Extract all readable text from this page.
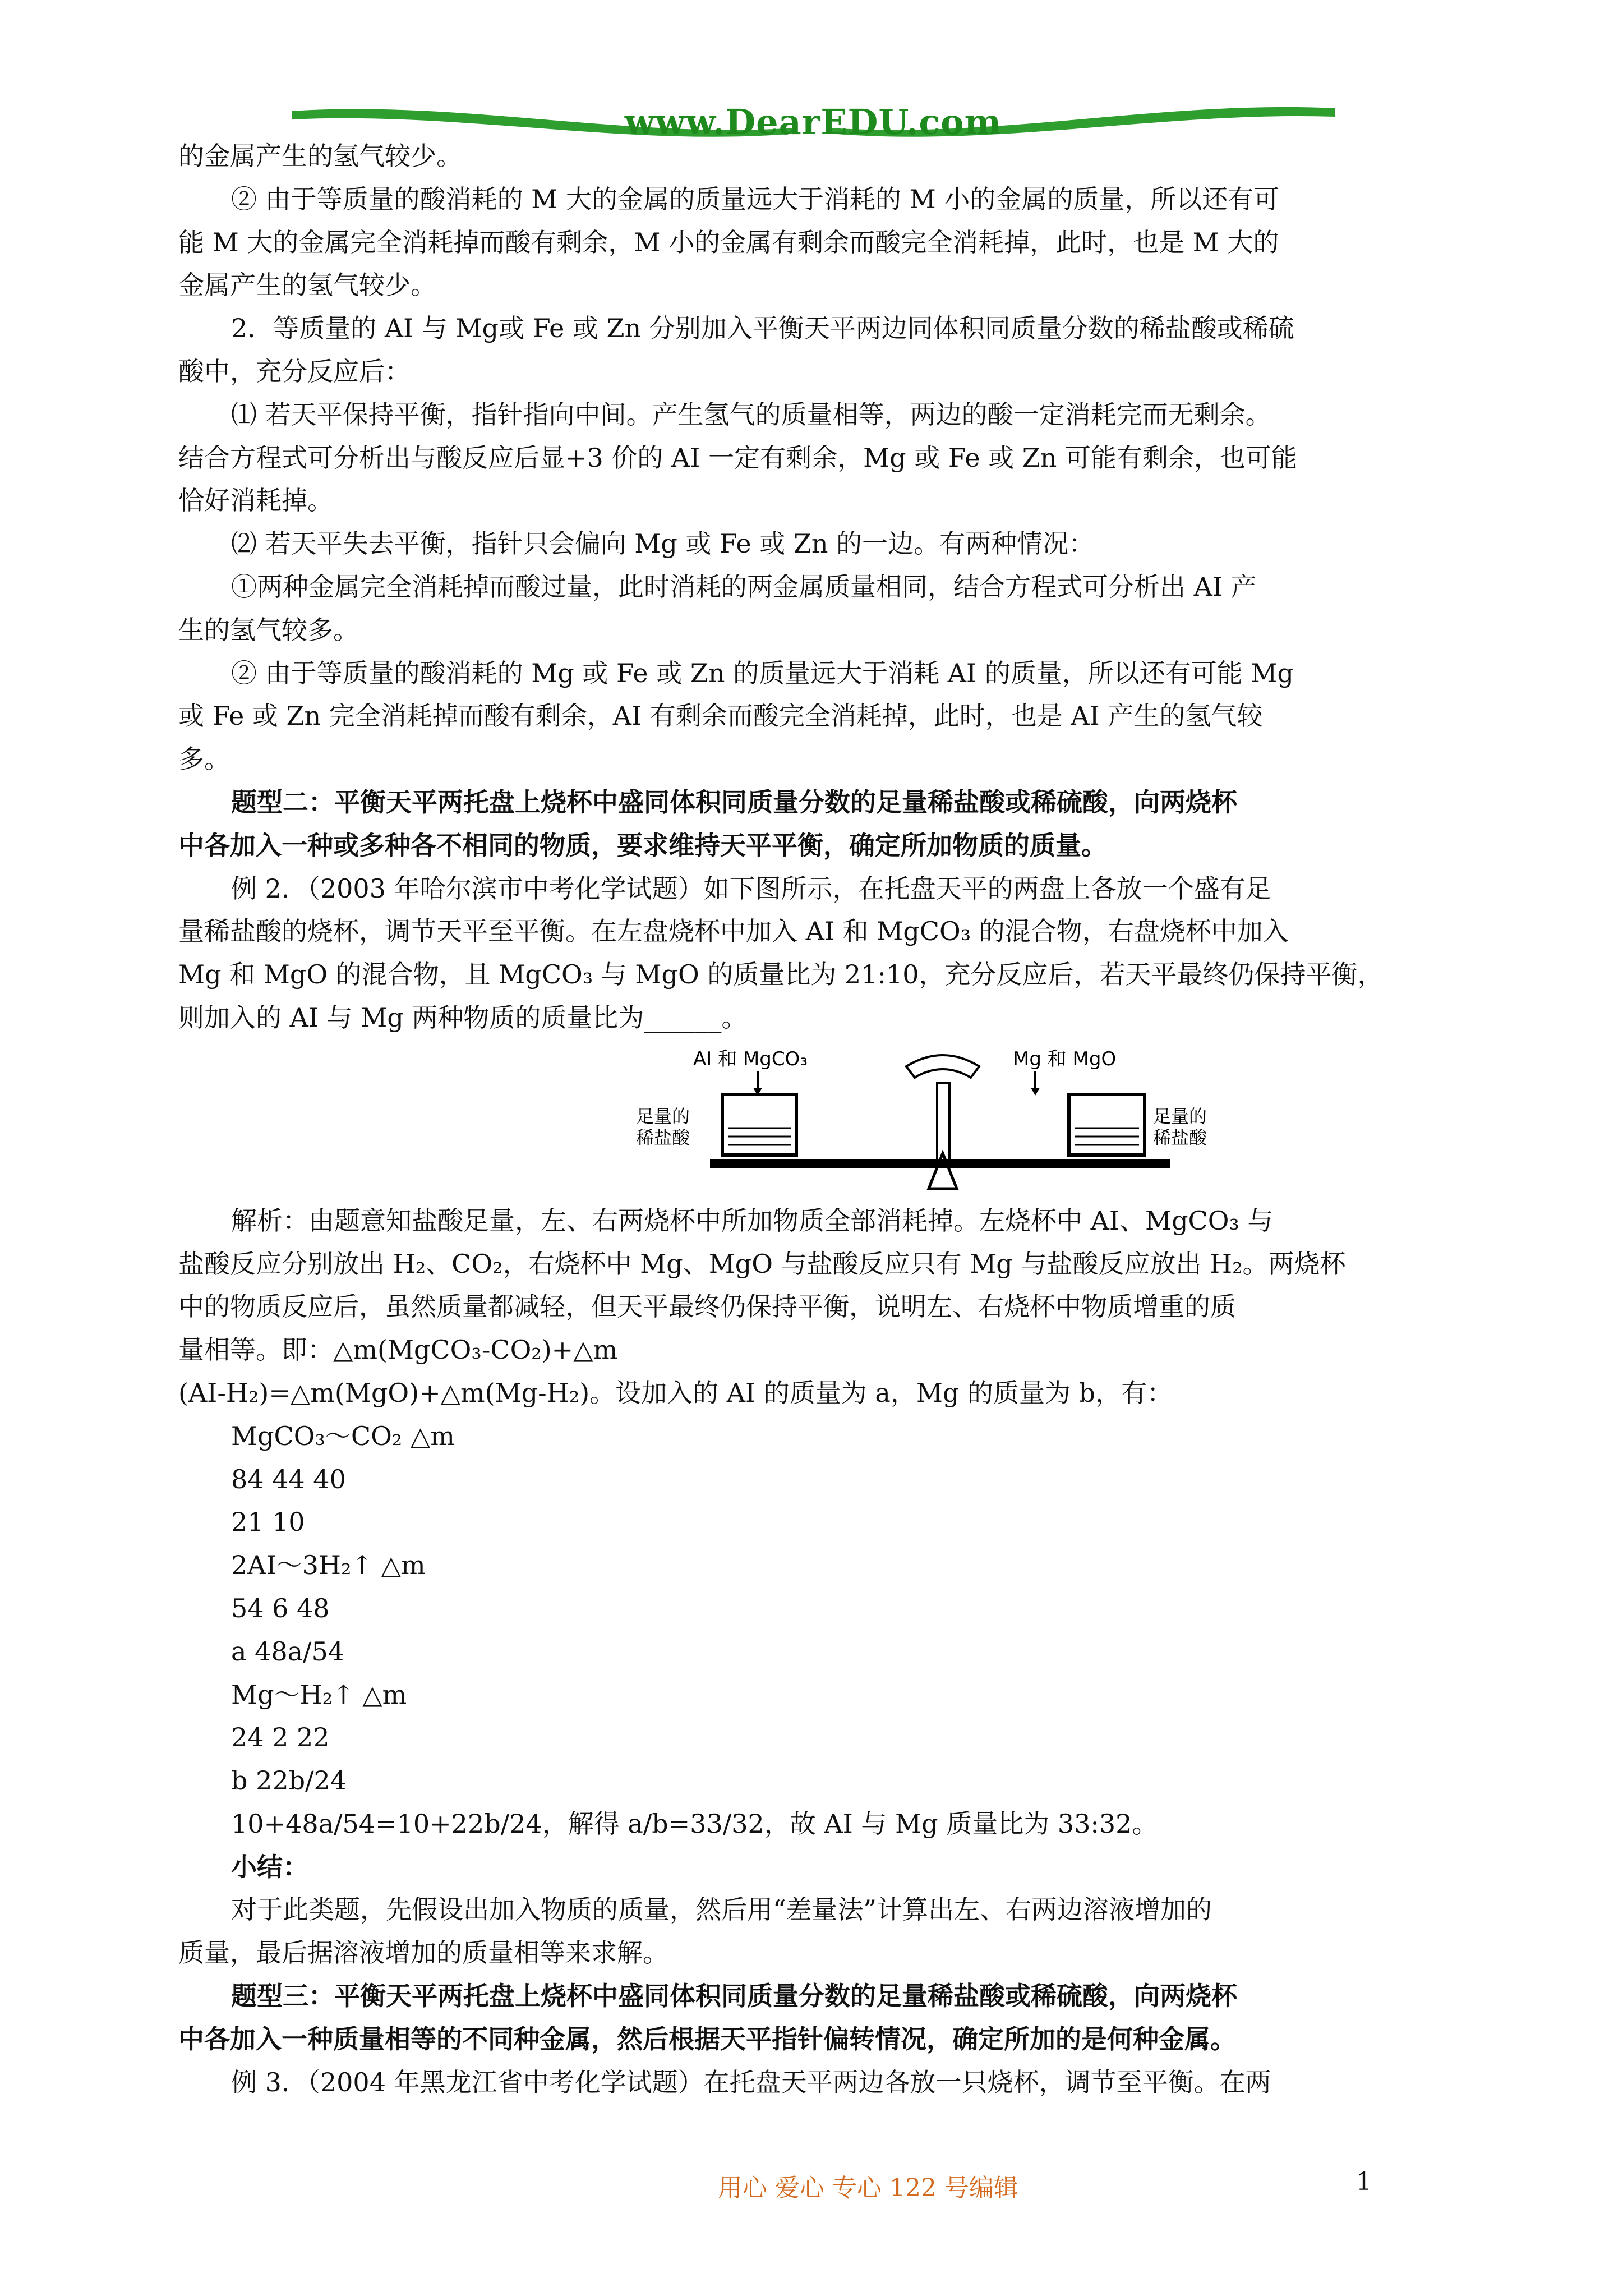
www.DearEDU.com
的金属产生的氢气较少。
② 由于等质量的酸消耗的 M 大的金属的质量远大于消耗的 M 小的金属的质量，所以还有可
能 M 大的金属完全消耗掉而酸有剩余，M 小的金属有剩余而酸完全消耗掉，此时，也是 M 大的
金属产生的氢气较少。
2．等质量的 AI 与 Mg或 Fe 或 Zn 分别加入平衡天平两边同体积同质量分数的稀盐酸或稀硫
酸中，充分反应后：
⑴ 若天平保持平衡，指针指向中间。产生氢气的质量相等，两边的酸一定消耗完而无剩余。
结合方程式可分析出与酸反应后显+3 价的 AI 一定有剩余，Mg 或 Fe 或 Zn 可能有剩余，也可能
恰好消耗掉。
⑵ 若天平失去平衡，指针只会偏向 Mg 或 Fe 或 Zn 的一边。有两种情况：
①两种金属完全消耗掉而酸过量，此时消耗的两金属质量相同，结合方程式可分析出 AI 产
生的氢气较多。
② 由于等质量的酸消耗的 Mg 或 Fe 或 Zn 的质量远大于消耗 AI 的质量，所以还有可能 Mg
或 Fe 或 Zn 完全消耗掉而酸有剩余，AI 有剩余而酸完全消耗掉，此时，也是 AI 产生的氢气较
多。
题型二：平衡天平两托盘上烧杯中盛同体积同质量分数的足量稀盐酸或稀硫酸，向两烧杯
中各加入一种或多种各不相同的物质，要求维持天平平衡，确定所加物质的质量。
例 2．（2003 年哈尔滨市中考化学试题）如下图所示，在托盘天平的两盘上各放一个盛有足
量稀盐酸的烧杯，调节天平至平衡。在左盘烧杯中加入 AI 和 MgCO₃ 的混合物，右盘烧杯中加入
Mg 和 MgO 的混合物，且 MgCO₃ 与 MgO 的质量比为 21:10，充分反应后，若天平最终仍保持平衡，
则加入的 AI 与 Mg 两种物质的质量比为______。
AI 和 MgCO₃
足量的
稀盐酸
Mg 和 MgO
足量的
稀盐酸
解析：由题意知盐酸足量，左、右两烧杯中所加物质全部消耗掉。左烧杯中 AI、MgCO₃ 与
盐酸反应分别放出 H₂、CO₂，右烧杯中 Mg、MgO 与盐酸反应只有 Mg 与盐酸反应放出 H₂。两烧杯
中的物质反应后，虽然质量都减轻，但天平最终仍保持平衡，说明左、右烧杯中物质增重的质
量相等。即：△m(MgCO₃-CO₂)+△m
(AI-H₂)=△m(MgO)+△m(Mg-H₂)。设加入的 AI 的质量为 a，Mg 的质量为 b，有：
MgCO₃～CO₂ △m
84 44 40
21 10
2AI～3H₂↑ △m
54 6 48
a 48a/54
Mg～H₂↑ △m
24 2 22
b 22b/24
10+48a/54=10+22b/24，解得 a/b=33/32，故 AI 与 Mg 质量比为 33:32。
小结：
对于此类题，先假设出加入物质的质量，然后用“差量法”计算出左、右两边溶液增加的
质量，最后据溶液增加的质量相等来求解。
题型三：平衡天平两托盘上烧杯中盛同体积同质量分数的足量稀盐酸或稀硫酸，向两烧杯
中各加入一种质量相等的不同种金属，然后根据天平指针偏转情况，确定所加的是何种金属。
例 3．（2004 年黑龙江省中考化学试题）在托盘天平两边各放一只烧杯，调节至平衡。在两
用心 爱心 专心 122 号编辑	1
